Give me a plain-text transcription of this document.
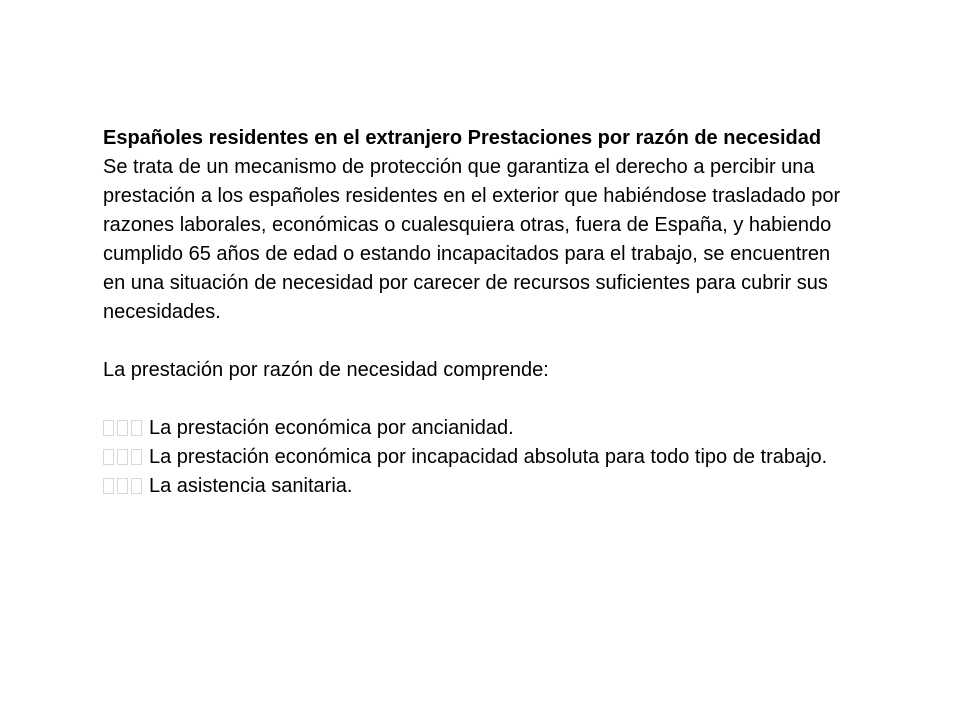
Españoles residentes en el extranjero Prestaciones por razón de necesidad

Se trata de un mecanismo de protección que garantiza el derecho a percibir una prestación a los españoles residentes en el exterior que habiéndose trasladado por razones laborales, económicas o cualesquiera otras, fuera de España, y habiendo cumplido 65 años de edad o estando incapacitados para el trabajo, se encuentren en una situación de necesidad por carecer de recursos suficientes para cubrir sus necesidades.

La prestación por razón de necesidad comprende:

La prestación económica por ancianidad.

La prestación económica por incapacidad absoluta para todo tipo de trabajo.

La asistencia sanitaria.
